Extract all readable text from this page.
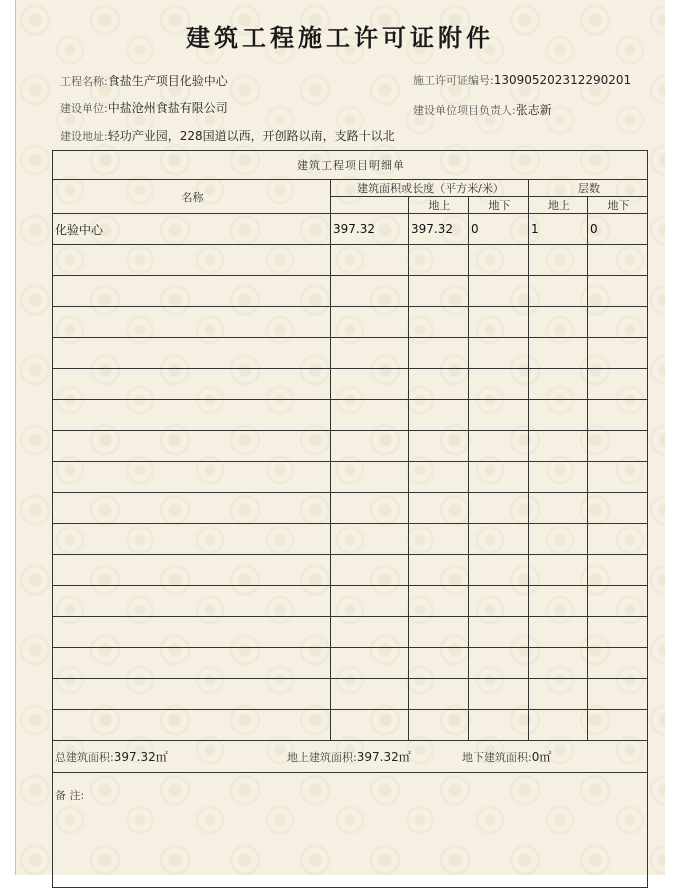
建筑工程施工许可证附件
工程名称:食盐生产项目化验中心	施工许可证编号:130905202312290201
建设单位:中盐沧州食盐有限公司	建设单位项目负责人:张志新
建设地址:轻功产业园，228国道以西，开创路以南，支路十以北
建筑工程项目明细单					
名称	建筑面积或长度（平方米/米）			层数	
		地上	地下	地上	地下
化验中心	397.32	397.32	0	1	0

总建筑面积:397.32㎡ 地上建筑面积:397.32㎡ 地下建筑面积:0㎡					
备 注:					
